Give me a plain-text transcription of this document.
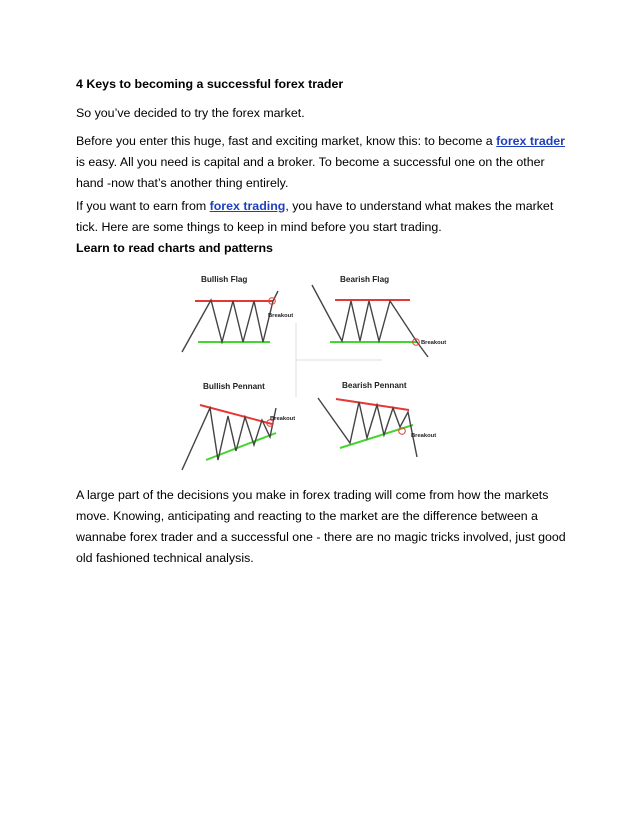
4 Keys to becoming a successful forex trader

So you’ve decided to try the forex market.

Before you enter this huge, fast and exciting market, know this: to become a forex trader is easy. All you need is capital and a broker. To become a successful one on the other hand -now that’s another thing entirely.

If you want to earn from forex trading, you have to understand what makes the market tick. Here are some things to keep in mind before you start trading.

Learn to read charts and patterns

Bullish Flag
Breakout
Bearish Flag
Breakout
Bullish Pennant
Breakout
Bearish Pennant
Breakout

A large part of the decisions you make in forex trading will come from how the markets move. Knowing, anticipating and reacting to the market are the difference between a wannabe forex trader and a successful one - there are no magic tricks involved, just good old fashioned technical analysis.
